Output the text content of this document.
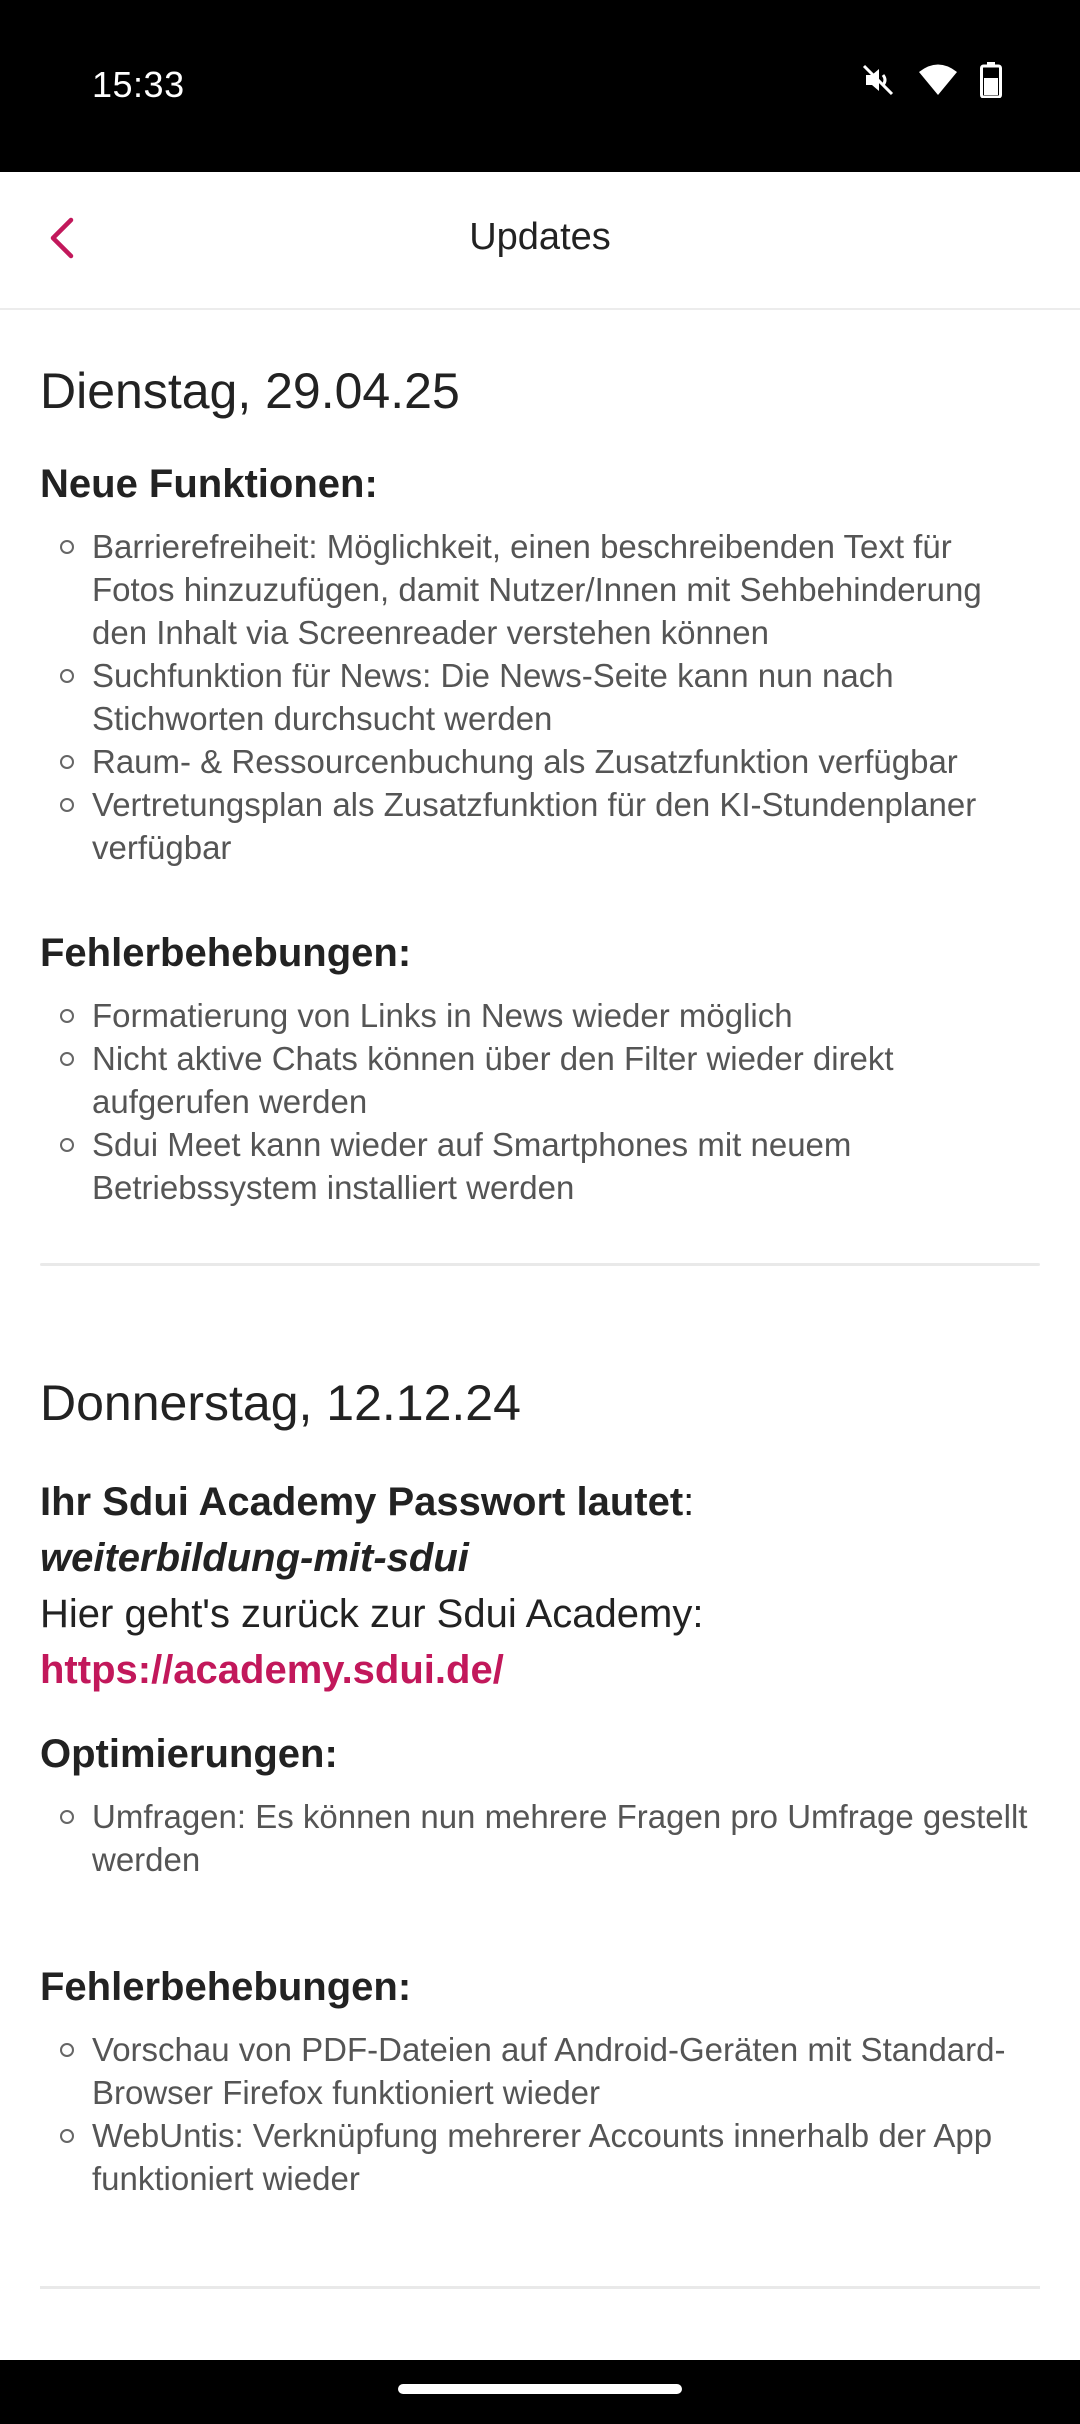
15:33
Updates
Dienstag, 29.04.25
Neue Funktionen:
Barrierefreiheit: Möglichkeit, einen beschreibenden Text für Fotos hinzuzufügen, damit Nutzer/Innen mit Sehbehinderung den Inhalt via Screenreader verstehen können
Suchfunktion für News: Die News-Seite kann nun nach Stichworten durchsucht werden
Raum- & Ressourcenbuchung als Zusatzfunktion verfügbar
Vertretungsplan als Zusatzfunktion für den KI-Stundenplaner verfügbar
Fehlerbehebungen:
Formatierung von Links in News wieder möglich
Nicht aktive Chats können über den Filter wieder direkt aufgerufen werden
Sdui Meet kann wieder auf Smartphones mit neuem Betriebssystem installiert werden
Donnerstag, 12.12.24
Ihr Sdui Academy Passwort lautet:
weiterbildung-mit-sdui
Hier geht's zurück zur Sdui Academy:
https://academy.sdui.de/
Optimierungen:
Umfragen: Es können nun mehrere Fragen pro Umfrage gestellt werden
Fehlerbehebungen:
Vorschau von PDF-Dateien auf Android-Geräten mit Standard-Browser Firefox funktioniert wieder
WebUntis: Verknüpfung mehrerer Accounts innerhalb der App funktioniert wieder
